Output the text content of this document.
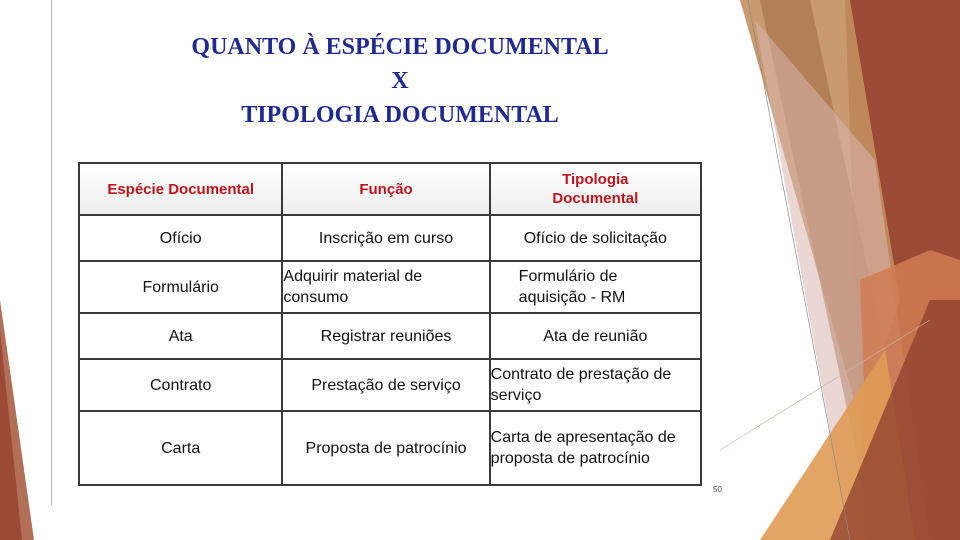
QUANTO À ESPÉCIE DOCUMENTAL
X
TIPOLOGIA DOCUMENTAL
Espécie Documental	Função	Tipologia Documental
Ofício	Inscrição em curso	Ofício de solicitação
Formulário	Adquirir material de consumo	Formulário de aquisição - RM
Ata	Registrar reuniões	Ata de reunião
Contrato	Prestação de serviço	Contrato de prestação de serviço
Carta	Proposta de patrocínio	Carta de apresentação de proposta de patrocínio
50
